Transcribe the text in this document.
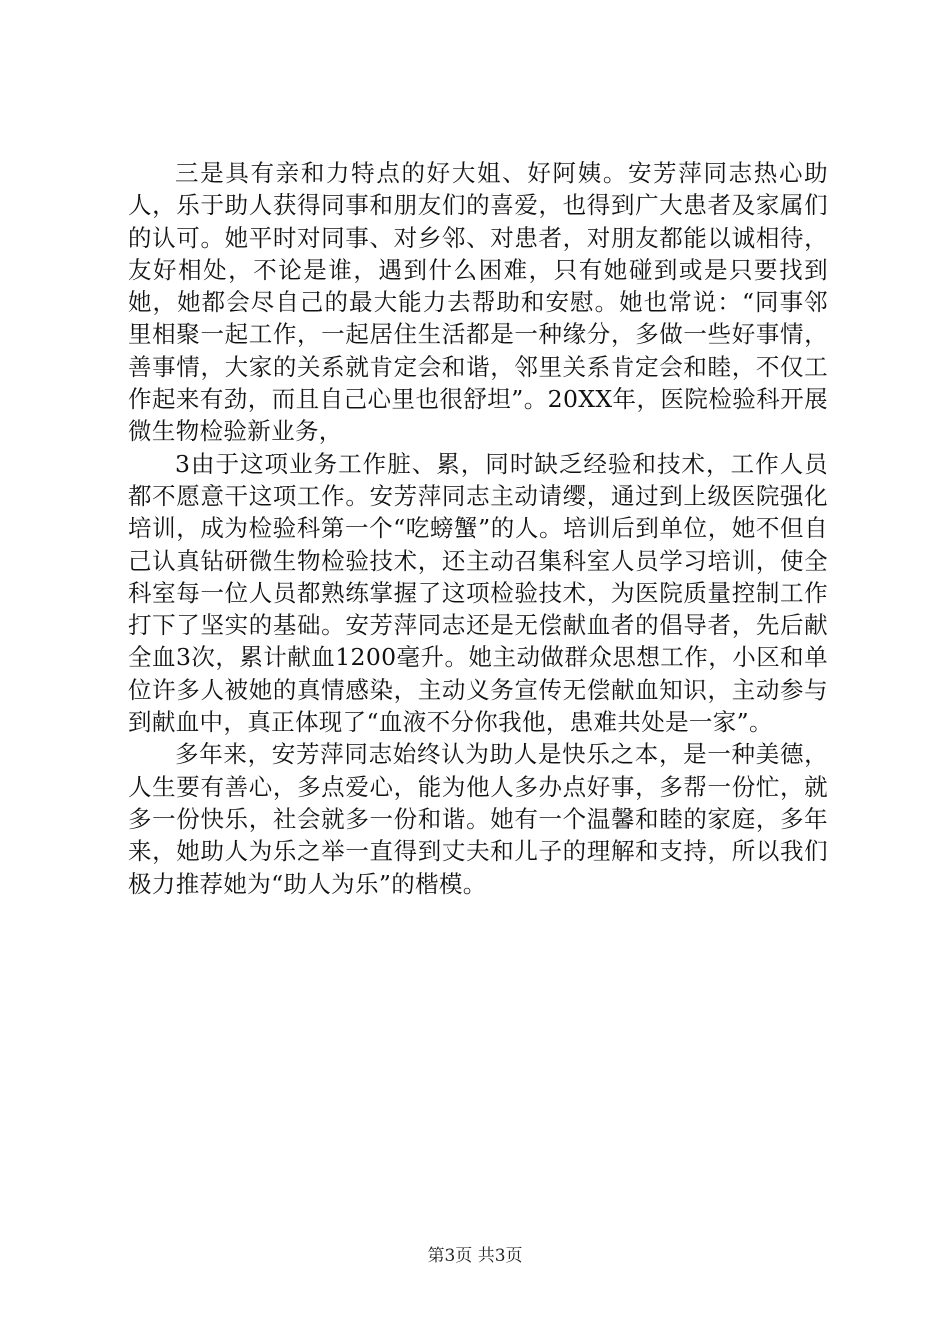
三是具有亲和力特点的好大姐、好阿姨。安芳萍同志热心助人，乐于助人获得同事和朋友们的喜爱，也得到广大患者及家属们的认可。她平时对同事、对乡邻、对患者，对朋友都能以诚相待，友好相处，不论是谁，遇到什么困难，只有她碰到或是只要找到她，她都会尽自己的最大能力去帮助和安慰。她也常说：“同事邻里相聚一起工作，一起居住生活都是一种缘分，多做一些好事情，善事情，大家的关系就肯定会和谐，邻里关系肯定会和睦，不仅工作起来有劲，而且自己心里也很舒坦”。20XX年，医院检验科开展微生物检验新业务，

3由于这项业务工作脏、累，同时缺乏经验和技术，工作人员都不愿意干这项工作。安芳萍同志主动请缨，通过到上级医院强化培训，成为检验科第一个“吃螃蟹”的人。培训后到单位，她不但自己认真钻研微生物检验技术，还主动召集科室人员学习培训，使全科室每一位人员都熟练掌握了这项检验技术，为医院质量控制工作打下了坚实的基础。安芳萍同志还是无偿献血者的倡导者，先后献全血3次，累计献血1200毫升。她主动做群众思想工作，小区和单位许多人被她的真情感染，主动义务宣传无偿献血知识，主动参与到献血中，真正体现了“血液不分你我他，患难共处是一家”。

多年来，安芳萍同志始终认为助人是快乐之本，是一种美德，人生要有善心，多点爱心，能为他人多办点好事，多帮一份忙，就多一份快乐，社会就多一份和谐。她有一个温馨和睦的家庭，多年来，她助人为乐之举一直得到丈夫和儿子的理解和支持，所以我们极力推荐她为“助人为乐”的楷模。

第3页 共3页
